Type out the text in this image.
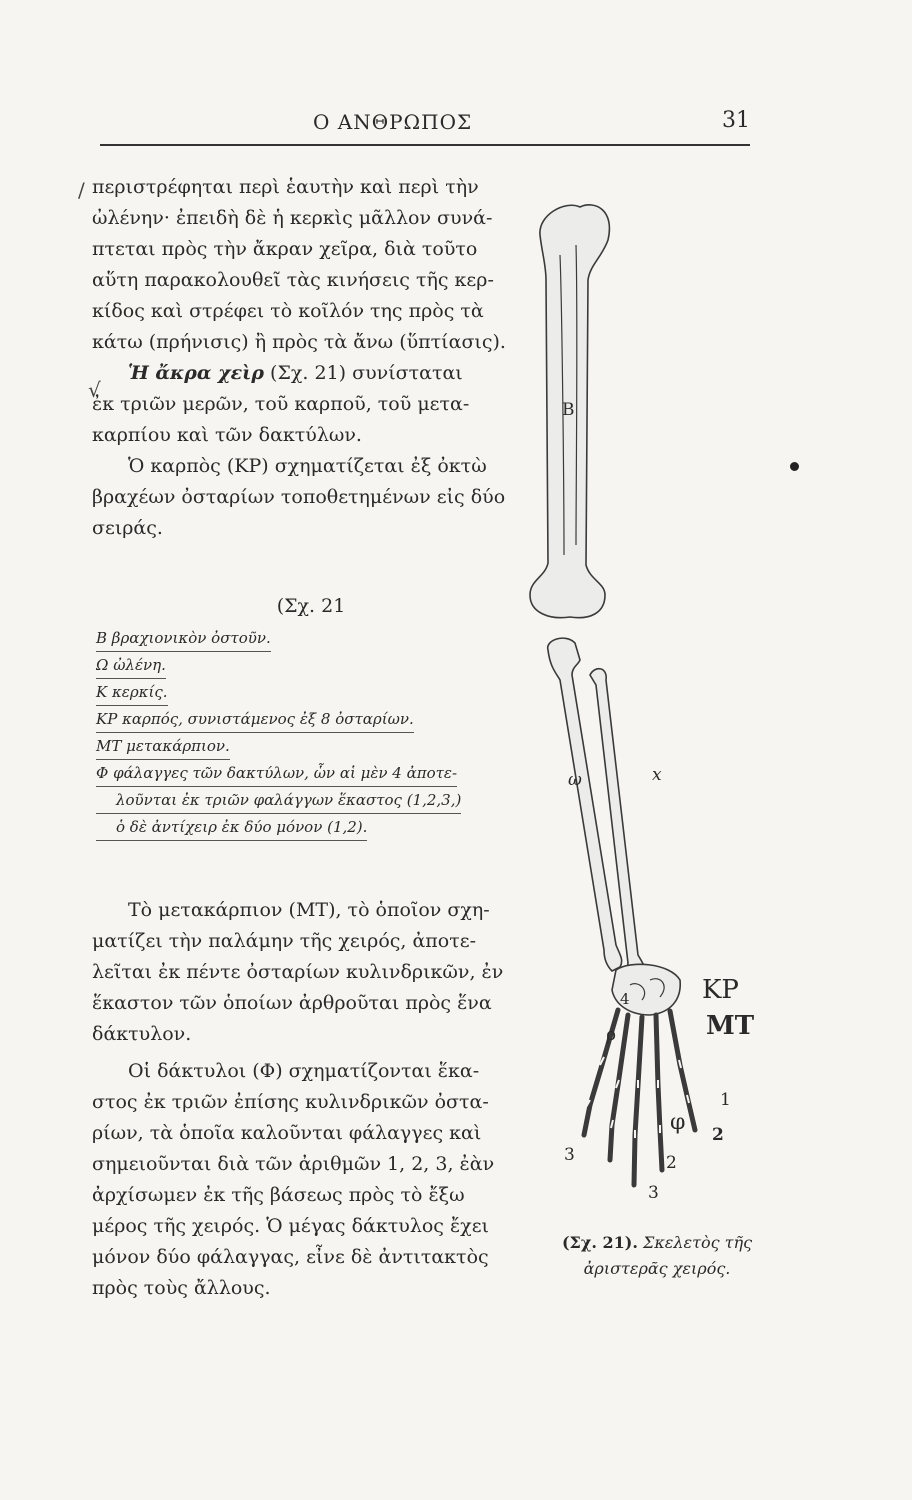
Ο ΑΝΘΡΩΠΟΣ	31
/
√

περιστρέφηται περὶ ἑαυτὴν καὶ περὶ τὴν
ὠλένην· ἐπειδὴ δὲ ἡ κερκὶς μᾶλλον συνά-
πτεται πρὸς τὴν ἄκραν χεῖρα, διὰ τοῦτο
αὕτη παρακολουθεῖ τὰς κινήσεις τῆς κερ-
κίδος καὶ στρέφει τὸ κοῖλόν της πρὸς τὰ
κάτω (πρήνισις) ἢ πρὸς τὰ ἄνω (ὕπτίασις).

Ἡ ἄκρα χεὶρ (Σχ. 21) συνίσταται
ἐκ τριῶν μερῶν, τοῦ καρποῦ, τοῦ μετα-
καρπίου καὶ τῶν δακτύλων.

Ὁ καρπὸς (ΚΡ) σχηματίζεται ἐξ ὀκτὼ
βραχέων ὀσταρίων τοποθετημένων εἰς δύο
σειράς.

(Σχ. 21
Β βραχιονικὸν ὀστοῦν.
Ω ὠλένη.
Κ κερκίς.
ΚΡ καρπός, συνιστάμενος ἐξ 8 ὀσταρίων.
ΜΤ μετακάρπιον.
Φ φάλαγγες τῶν δακτύλων, ὧν αἱ μὲν 4 ἀποτε-
λοῦνται ἐκ τριῶν φαλάγγων ἕκαστος (1,2,3,)
ὁ δὲ ἀντίχειρ ἐκ δύο μόνον (1,2).

Τὸ μετακάρπιον (ΜΤ), τὸ ὁποῖον σχη-
ματίζει τὴν παλάμην τῆς χειρός, ἀποτε-
λεῖται ἐκ πέντε ὀσταρίων κυλινδρικῶν, ἐν
ἕκαστον τῶν ὁποίων ἀρθροῦται πρὸς ἕνα
δάκτυλον.

Οἱ δάκτυλοι (Φ) σχηματίζονται ἕκα-
στος ἐκ τριῶν ἐπίσης κυλινδρικῶν ὀστα-
ρίων, τὰ ὁποῖα καλοῦνται φάλαγγες καὶ
σημειοῦνται διὰ τῶν ἀριθμῶν 1, 2, 3, ἐὰν
ἀρχίσωμεν ἐκ τῆς βάσεως πρὸς τὸ ἔξω
μέρος τῆς χειρός. Ὁ μέγας δάκτυλος ἔχει
μόνον δύο φάλαγγας, εἶνε δὲ ἀντιτακτὸς
πρὸς τοὺς ἄλλους.

Β
ω	x
ΚΡ
ΜΤ
ρ
4
φ
1
2
2
3
3
(Σχ. 21). Σκελετὸς τῆς ἀριστερᾶς χειρός.
